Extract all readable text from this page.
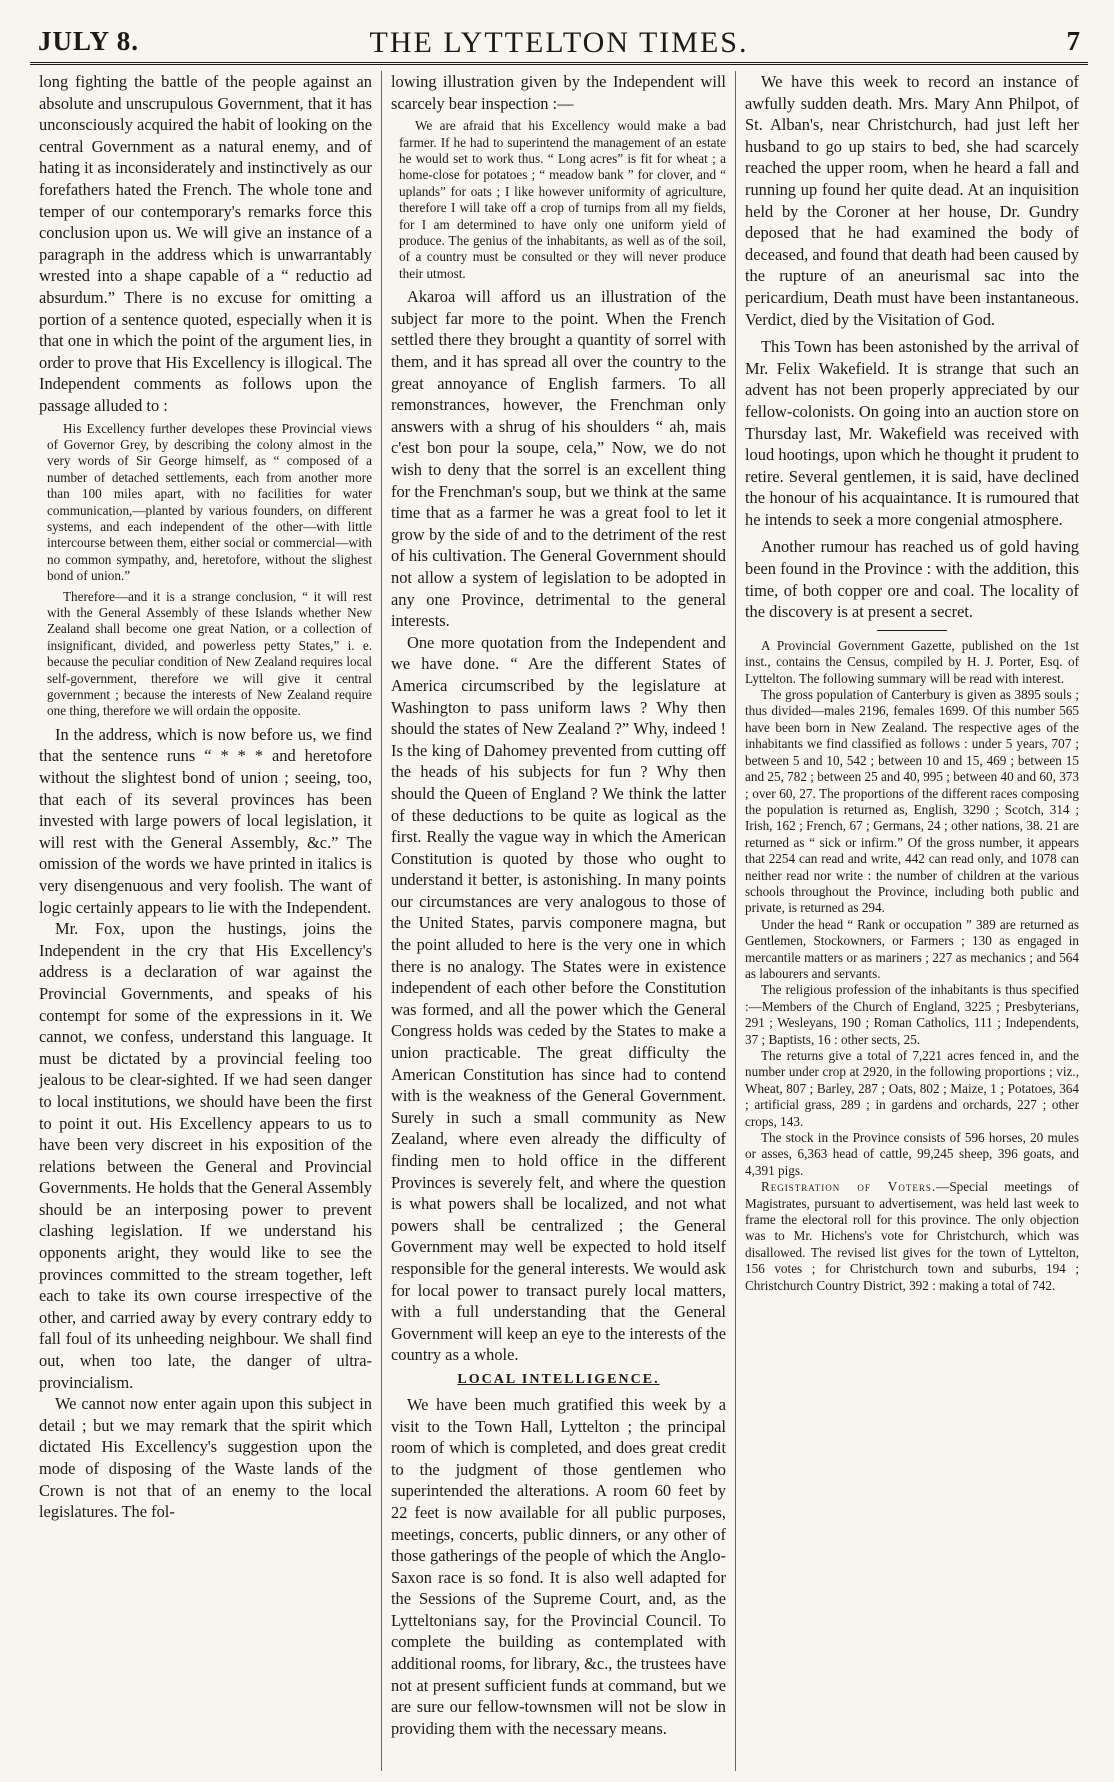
JULY 8.	THE LYTTELTON TIMES.	7

long fighting the battle of the people against an absolute and unscrupulous Government, that it has unconsciously acquired the habit of looking on the central Government as a natural enemy, and of hating it as inconsiderately and instinctively as our forefathers hated the French. The whole tone and temper of our contemporary's remarks force this conclusion upon us. We will give an instance of a paragraph in the address which is unwarrantably wrested into a shape capable of a “ reductio ad absurdum.” There is no excuse for omitting a portion of a sentence quoted, especially when it is that one in which the point of the argument lies, in order to prove that His Excellency is illogical. The Independent comments as follows upon the passage alluded to :

His Excellency further developes these Provincial views of Governor Grey, by describing the colony almost in the very words of Sir George himself, as “ composed of a number of detached settlements, each from another more than 100 miles apart, with no facilities for water communication,—planted by various founders, on different systems, and each independent of the other—with little intercourse between them, either social or commercial—with no common sympathy, and, heretofore, without the slighest bond of union.”

Therefore—and it is a strange conclusion, “ it will rest with the General Assembly of these Islands whether New Zealand shall become one great Nation, or a collection of insignificant, divided, and powerless petty States,” i. e. because the peculiar condition of New Zealand requires local self-government, therefore we will give it central government ; because the interests of New Zealand require one thing, therefore we will ordain the opposite.

In the address, which is now before us, we find that the sentence runs “ * * * and heretofore without the slightest bond of union ; seeing, too, that each of its several provinces has been invested with large powers of local legislation, it will rest with the General Assembly, &c.” The omission of the words we have printed in italics is very disengenuous and very foolish. The want of logic certainly appears to lie with the Independent.

Mr. Fox, upon the hustings, joins the Independent in the cry that His Excellency's address is a declaration of war against the Provincial Governments, and speaks of his contempt for some of the expressions in it. We cannot, we confess, understand this language. It must be dictated by a provincial feeling too jealous to be clear-sighted. If we had seen danger to local institutions, we should have been the first to point it out. His Excellency appears to us to have been very discreet in his exposition of the relations between the General and Provincial Governments. He holds that the General Assembly should be an interposing power to prevent clashing legislation. If we understand his opponents aright, they would like to see the provinces committed to the stream together, left each to take its own course irrespective of the other, and carried away by every contrary eddy to fall foul of its unheeding neighbour. We shall find out, when too late, the danger of ultra-provincialism.

We cannot now enter again upon this subject in detail ; but we may remark that the spirit which dictated His Excellency's suggestion upon the mode of disposing of the Waste lands of the Crown is not that of an enemy to the local legislatures. The fol-

lowing illustration given by the Independent will scarcely bear inspection :—

We are afraid that his Excellency would make a bad farmer. If he had to superintend the management of an estate he would set to work thus. “ Long acres” is fit for wheat ; a home-close for potatoes ; “ meadow bank ” for clover, and “ uplands” for oats ; I like however uniformity of agriculture, therefore I will take off a crop of turnips from all my fields, for I am determined to have only one uniform yield of produce. The genius of the inhabitants, as well as of the soil, of a country must be consulted or they will never produce their utmost.

Akaroa will afford us an illustration of the subject far more to the point. When the French settled there they brought a quantity of sorrel with them, and it has spread all over the country to the great annoyance of English farmers. To all remonstrances, however, the Frenchman only answers with a shrug of his shoulders “ ah, mais c'est bon pour la soupe, cela,” Now, we do not wish to deny that the sorrel is an excellent thing for the Frenchman's soup, but we think at the same time that as a farmer he was a great fool to let it grow by the side of and to the detriment of the rest of his cultivation. The General Government should not allow a system of legislation to be adopted in any one Province, detrimental to the general interests.

One more quotation from the Independent and we have done. “ Are the different States of America circumscribed by the legislature at Washington to pass uniform laws ? Why then should the states of New Zealand ?” Why, indeed ! Is the king of Dahomey prevented from cutting off the heads of his subjects for fun ? Why then should the Queen of England ? We think the latter of these deductions to be quite as logical as the first. Really the vague way in which the American Constitution is quoted by those who ought to understand it better, is astonishing. In many points our circumstances are very analogous to those of the United States, parvis componere magna, but the point alluded to here is the very one in which there is no analogy. The States were in existence independent of each other before the Constitution was formed, and all the power which the General Congress holds was ceded by the States to make a union practicable. The great difficulty the American Constitution has since had to contend with is the weakness of the General Government. Surely in such a small community as New Zealand, where even already the difficulty of finding men to hold office in the different Provinces is severely felt, and where the question is what powers shall be localized, and not what powers shall be centralized ; the General Government may well be expected to hold itself responsible for the general interests. We would ask for local power to transact purely local matters, with a full understanding that the General Government will keep an eye to the interests of the country as a whole.

LOCAL INTELLIGENCE.

We have been much gratified this week by a visit to the Town Hall, Lyttelton ; the principal room of which is completed, and does great credit to the judgment of those gentlemen who superintended the alterations. A room 60 feet by 22 feet is now available for all public purposes, meetings, concerts, public dinners, or any other of those gatherings of the people of which the Anglo-Saxon race is so fond. It is also well adapted for the Sessions of the Supreme Court, and, as the Lytteltonians say, for the Provincial Council. To complete the building as contemplated with additional rooms, for library, &c., the trustees have not at present sufficient funds at command, but we are sure our fellow-townsmen will not be slow in providing them with the necessary means.

We have this week to record an instance of awfully sudden death. Mrs. Mary Ann Philpot, of St. Alban's, near Christchurch, had just left her husband to go up stairs to bed, she had scarcely reached the upper room, when he heard a fall and running up found her quite dead. At an inquisition held by the Coroner at her house, Dr. Gundry deposed that he had examined the body of deceased, and found that death had been caused by the rupture of an aneurismal sac into the pericardium, Death must have been instantaneous. Verdict, died by the Visitation of God.

This Town has been astonished by the arrival of Mr. Felix Wakefield. It is strange that such an advent has not been properly appreciated by our fellow-colonists. On going into an auction store on Thursday last, Mr. Wakefield was received with loud hootings, upon which he thought it prudent to retire. Several gentlemen, it is said, have declined the honour of his acquaintance. It is rumoured that he intends to seek a more congenial atmosphere.

Another rumour has reached us of gold having been found in the Province : with the addition, this time, of both copper ore and coal. The locality of the discovery is at present a secret.

A Provincial Government Gazette, published on the 1st inst., contains the Census, compiled by H. J. Porter, Esq. of Lyttelton. The following summary will be read with interest.

The gross population of Canterbury is given as 3895 souls ; thus divided—males 2196, females 1699. Of this number 565 have been born in New Zealand. The respective ages of the inhabitants we find classified as follows : under 5 years, 707 ; between 5 and 10, 542 ; between 10 and 15, 469 ; between 15 and 25, 782 ; between 25 and 40, 995 ; between 40 and 60, 373 ; over 60, 27. The proportions of the different races composing the population is returned as, English, 3290 ; Scotch, 314 ; Irish, 162 ; French, 67 ; Germans, 24 ; other nations, 38. 21 are returned as “ sick or infirm.” Of the gross number, it appears that 2254 can read and write, 442 can read only, and 1078 can neither read nor write : the number of children at the various schools throughout the Province, including both public and private, is returned as 294.

Under the head “ Rank or occupation ” 389 are returned as Gentlemen, Stockowners, or Farmers ; 130 as engaged in mercantile matters or as mariners ; 227 as mechanics ; and 564 as labourers and servants.

The religious profession of the inhabitants is thus specified :—Members of the Church of England, 3225 ; Presbyterians, 291 ; Wesleyans, 190 ; Roman Catholics, 111 ; Independents, 37 ; Baptists, 16 : other sects, 25.

The returns give a total of 7,221 acres fenced in, and the number under crop at 2920, in the following proportions ; viz., Wheat, 807 ; Barley, 287 ; Oats, 802 ; Maize, 1 ; Potatoes, 364 ; artificial grass, 289 ; in gardens and orchards, 227 ; other crops, 143.

The stock in the Province consists of 596 horses, 20 mules or asses, 6,363 head of cattle, 99,245 sheep, 396 goats, and 4,391 pigs.

Registration of Voters.—Special meetings of Magistrates, pursuant to advertisement, was held last week to frame the electoral roll for this province. The only objection was to Mr. Hichens's vote for Christchurch, which was disallowed. The revised list gives for the town of Lyttelton, 156 votes ; for Christchurch town and suburbs, 194 ; Christchurch Country District, 392 : making a total of 742.
